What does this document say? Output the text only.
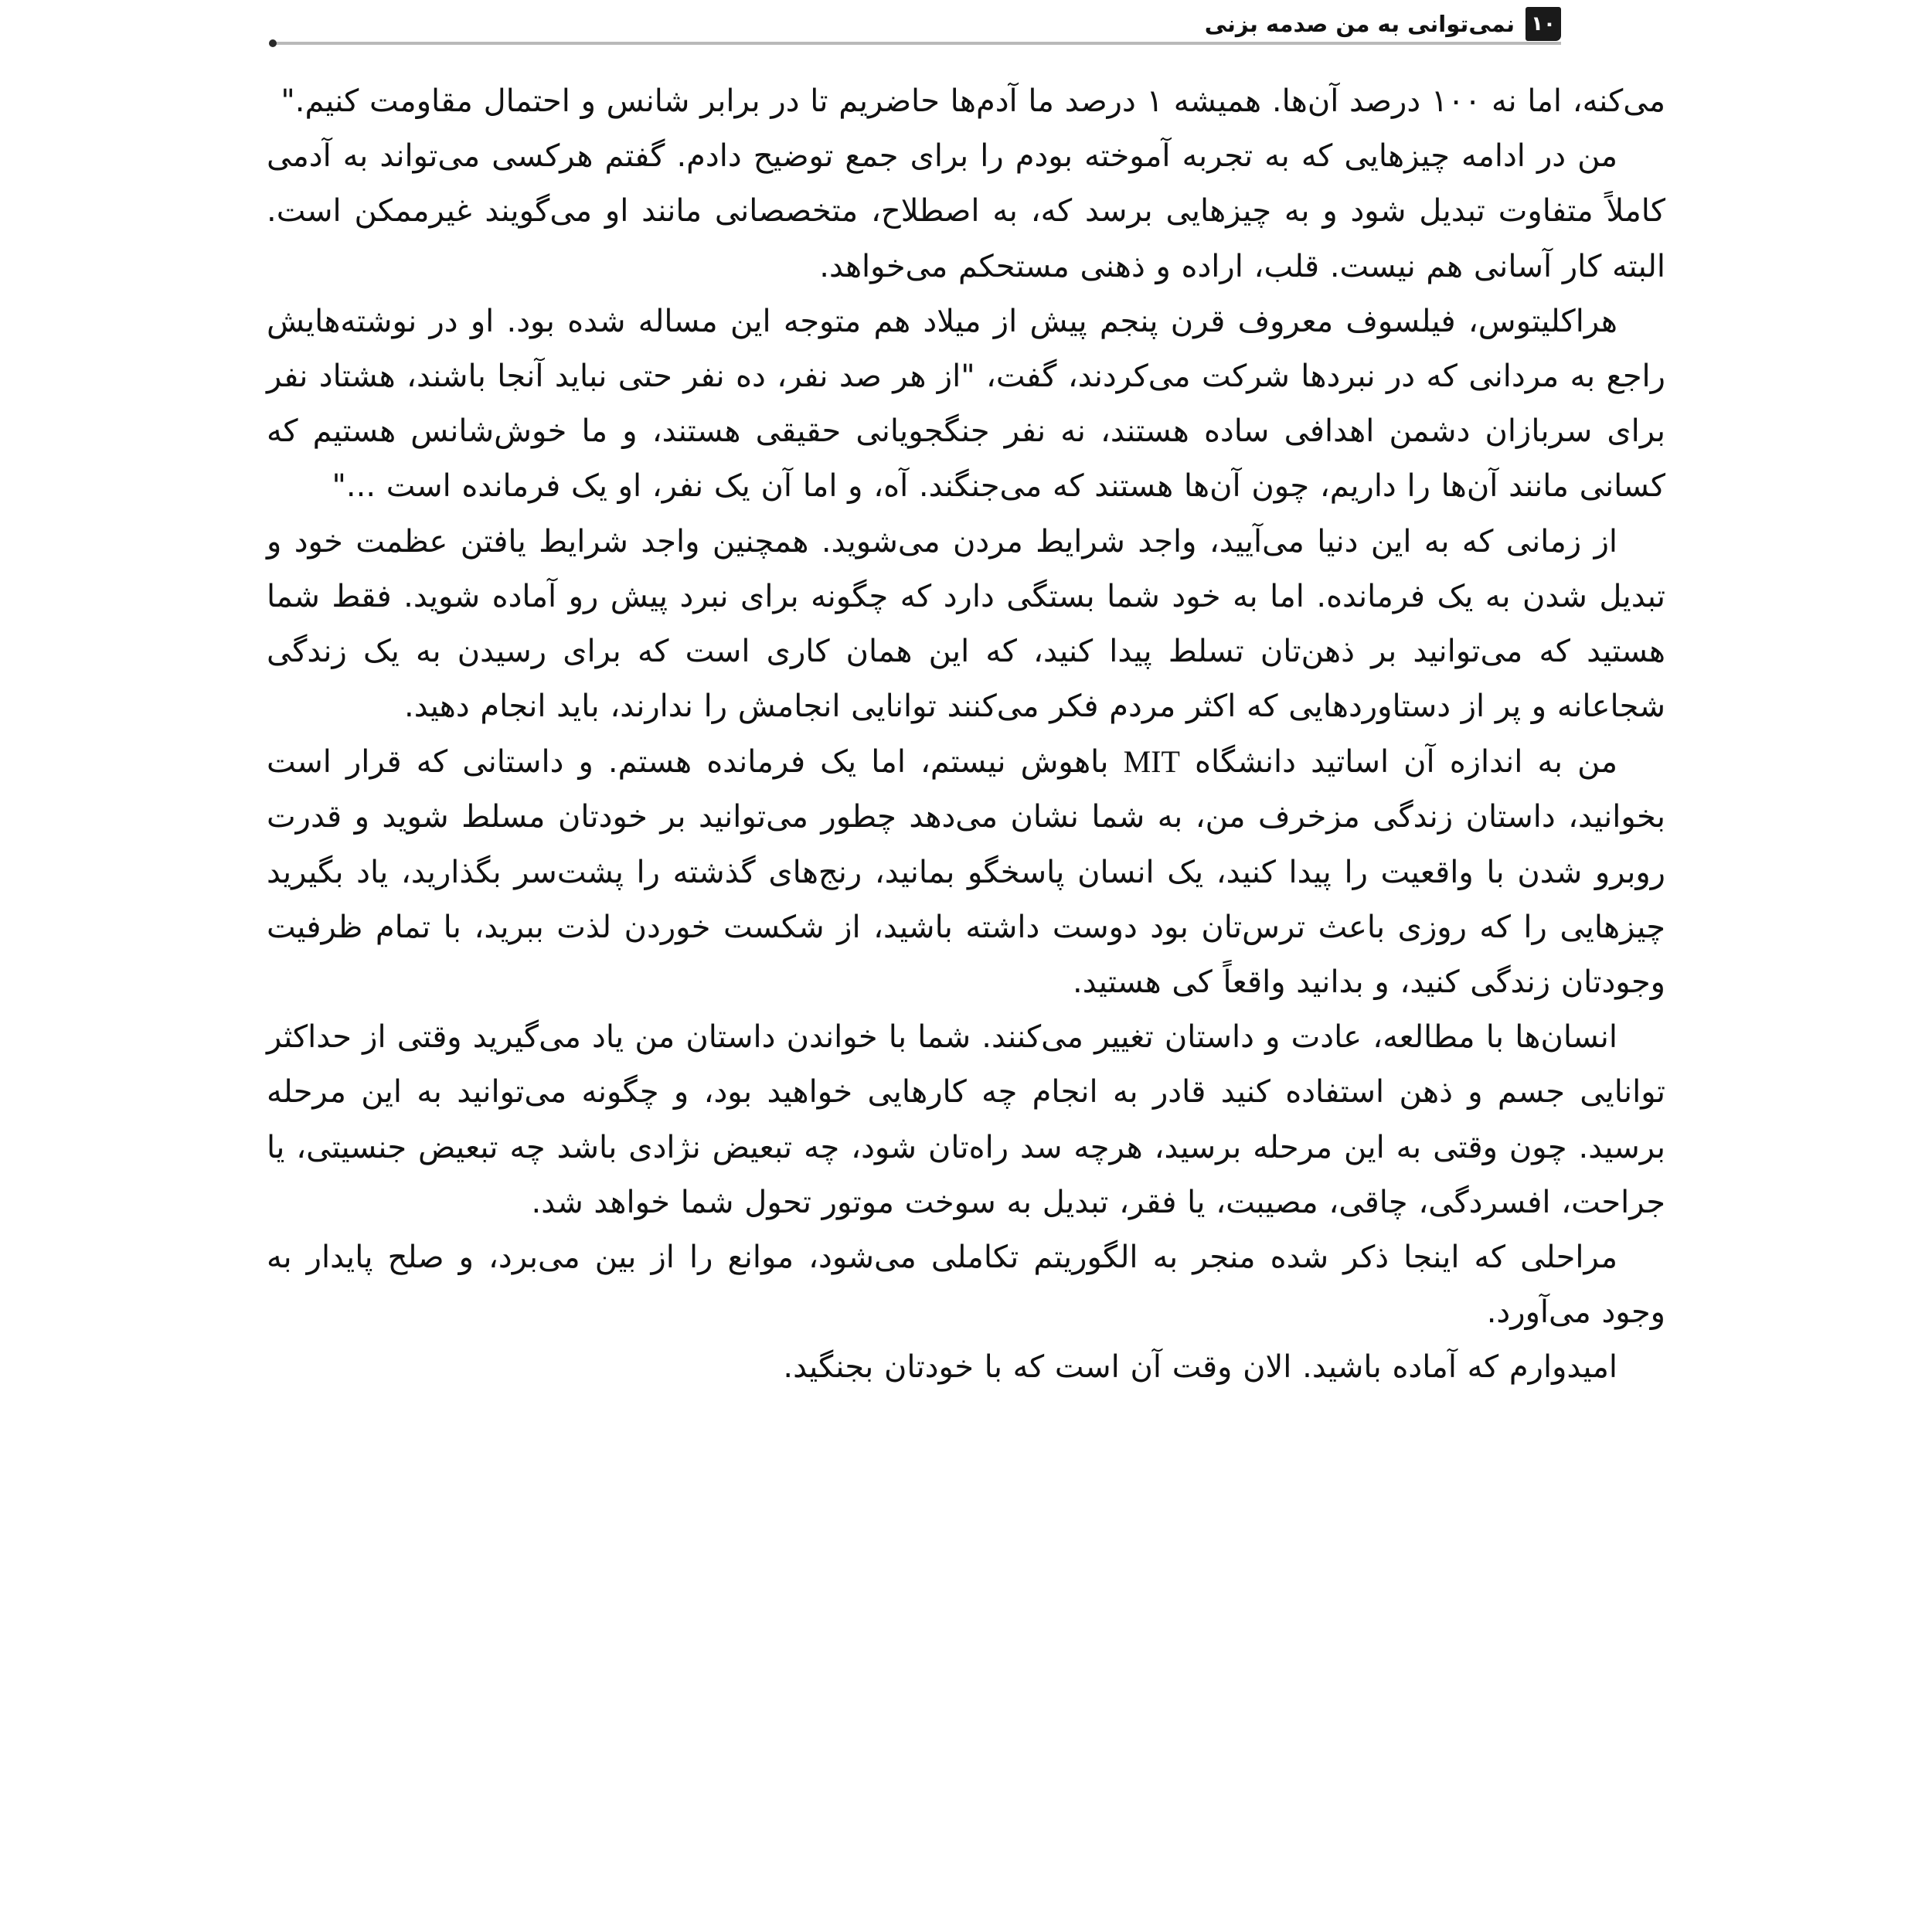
۱۰
نمی‌توانی به من صدمه بزنی

می‌کنه، اما نه ۱۰۰ درصد آن‌ها. همیشه ۱ درصد ما آدم‌ها حاضریم تا در برابر شانس و احتمال مقاومت کنیم."

من در ادامه چیزهایی که به تجربه آموخته بودم را برای جمع توضیح دادم. گفتم هرکسی می‌تواند به آدمی کاملاً متفاوت تبدیل شود و به چیزهایی برسد که، به اصطلاح، متخصصانی مانند او می‌گویند غیرممکن است. البته کار آسانی هم نیست. قلب، اراده و ذهنی مستحکم می‌خواهد.

هراکلیتوس، فیلسوف معروف قرن پنجم پیش از میلاد هم متوجه این مساله شده بود. او در نوشته‌هایش راجع به مردانی که در نبردها شرکت می‌کردند، گفت، "از هر صد نفر، ده نفر حتی نباید آنجا باشند، هشتاد نفر برای سربازان دشمن اهدافی ساده هستند، نه نفر جنگجویانی حقیقی هستند، و ما خوش‌شانس هستیم که کسانی مانند آن‌ها را داریم، چون آن‌ها هستند که می‌جنگند. آه، و اما آن یک نفر، او یک فرمانده است ..."

از زمانی که به این دنیا می‌آیید، واجد شرایط مردن می‌شوید. همچنین واجد شرایط یافتن عظمت خود و تبدیل شدن به یک فرمانده. اما به خود شما بستگی دارد که چگونه برای نبرد پیش رو آماده شوید. فقط شما هستید که می‌توانید بر ذهن‌تان تسلط پیدا کنید، که این همان کاری است که برای رسیدن به یک زندگی شجاعانه و پر از دستاوردهایی که اکثر مردم فکر می‌کنند توانایی انجامش را ندارند، باید انجام دهید.

من به اندازه آن اساتید دانشگاه MIT باهوش نیستم، اما یک فرمانده هستم. و داستانی که قرار است بخوانید، داستان زندگی مزخرف من، به شما نشان می‌دهد چطور می‌توانید بر خودتان مسلط شوید و قدرت روبرو شدن با واقعیت را پیدا کنید، یک انسان پاسخگو بمانید، رنج‌های گذشته را پشت‌سر بگذارید، یاد بگیرید چیزهایی را که روزی باعث ترس‌تان بود دوست داشته باشید، از شکست خوردن لذت ببرید، با تمام ظرفیت وجودتان زندگی کنید، و بدانید واقعاً کی هستید.

انسان‌ها با مطالعه، عادت و داستان تغییر می‌کنند. شما با خواندن داستان من یاد می‌گیرید وقتی از حداکثر توانایی جسم و ذهن استفاده کنید قادر به انجام چه کارهایی خواهید بود، و چگونه می‌توانید به این مرحله برسید. چون وقتی به این مرحله برسید، هرچه سد راه‌تان شود، چه تبعیض نژادی باشد چه تبعیض جنسیتی، یا جراحت، افسردگی، چاقی، مصیبت، یا فقر، تبدیل به سوخت موتور تحول شما خواهد شد.

مراحلی که اینجا ذکر شده منجر به الگوریتم تکاملی می‌شود، موانع را از بین می‌برد، و صلح پایدار به وجود می‌آورد.

امیدوارم که آماده باشید. الان وقت آن است که با خودتان بجنگید.
